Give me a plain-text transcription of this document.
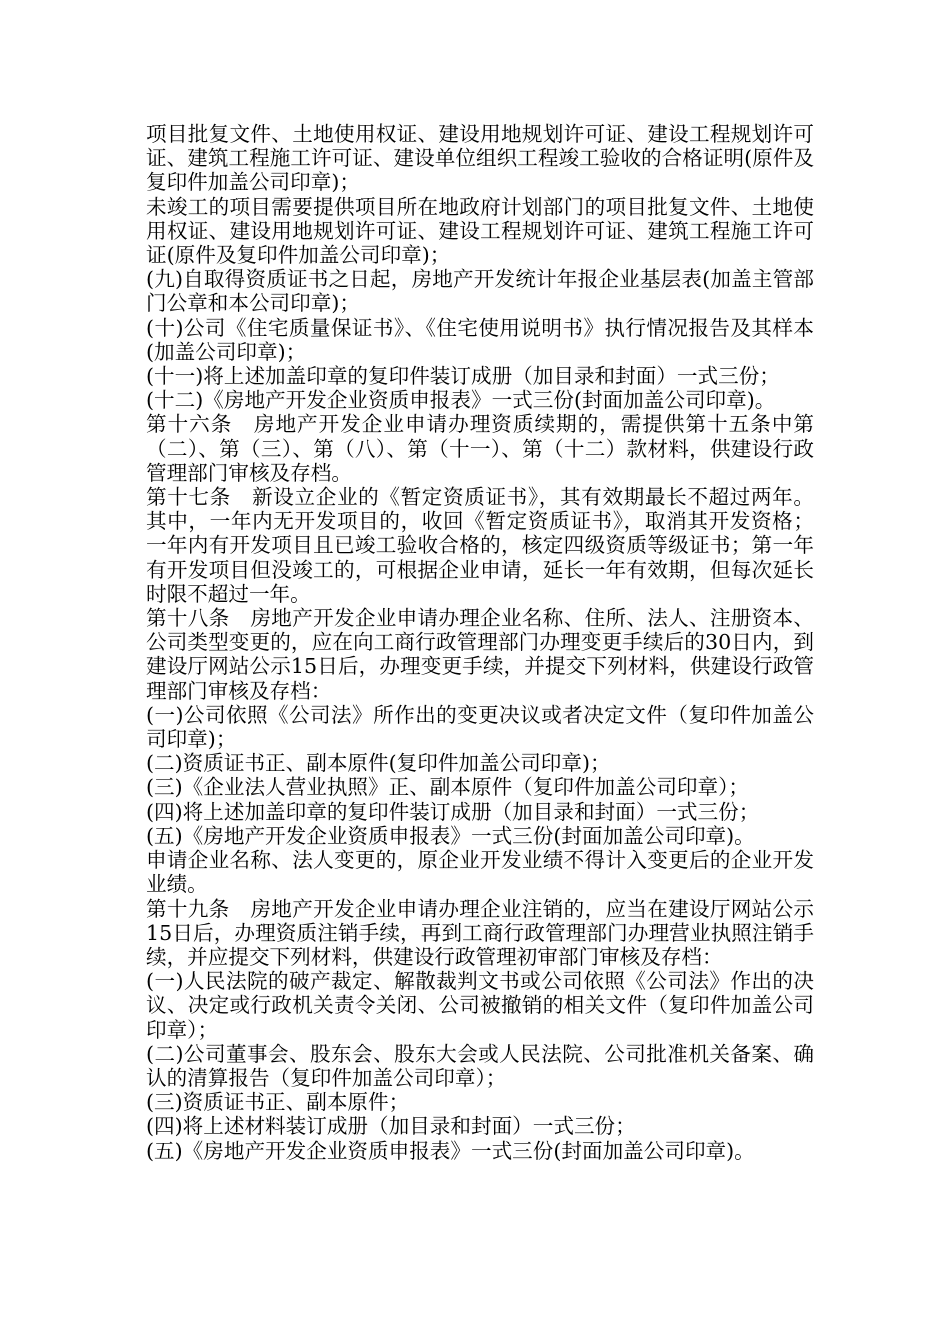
项目批复文件、土地使用权证、建设用地规划许可证、建设工程规划许可证、建筑工程施工许可证、建设单位组织工程竣工验收的合格证明(原件及复印件加盖公司印章)；

未竣工的项目需要提供项目所在地政府计划部门的项目批复文件、土地使用权证、建设用地规划许可证、建设工程规划许可证、建筑工程施工许可证(原件及复印件加盖公司印章)；

(九)自取得资质证书之日起，房地产开发统计年报企业基层表(加盖主管部门公章和本公司印章)；

(十)公司《住宅质量保证书》、《住宅使用说明书》执行情况报告及其样本(加盖公司印章)；

(十一)将上述加盖印章的复印件装订成册（加目录和封面）一式三份；

(十二)《房地产开发企业资质申报表》一式三份(封面加盖公司印章)。

第十六条　房地产开发企业申请办理资质续期的，需提供第十五条中第（二）、第（三）、第（八）、第（十一）、第（十二）款材料，供建设行政管理部门审核及存档。

第十七条　新设立企业的《暂定资质证书》，其有效期最长不超过两年。其中，一年内无开发项目的，收回《暂定资质证书》，取消其开发资格；一年内有开发项目且已竣工验收合格的，核定四级资质等级证书；第一年有开发项目但没竣工的，可根据企业申请，延长一年有效期，但每次延长时限不超过一年。

第十八条　房地产开发企业申请办理企业名称、住所、法人、注册资本、公司类型变更的，应在向工商行政管理部门办理变更手续后的30日内，到建设厅网站公示15日后，办理变更手续，并提交下列材料，供建设行政管理部门审核及存档：

(一)公司依照《公司法》所作出的变更决议或者决定文件（复印件加盖公司印章)；

(二)资质证书正、副本原件(复印件加盖公司印章)；

(三)《企业法人营业执照》正、副本原件（复印件加盖公司印章）；

(四)将上述加盖印章的复印件装订成册（加目录和封面）一式三份；

(五)《房地产开发企业资质申报表》一式三份(封面加盖公司印章)。

申请企业名称、法人变更的，原企业开发业绩不得计入变更后的企业开发业绩。

第十九条　房地产开发企业申请办理企业注销的，应当在建设厅网站公示15日后，办理资质注销手续，再到工商行政管理部门办理营业执照注销手续，并应提交下列材料，供建设行政管理初审部门审核及存档：

(一)人民法院的破产裁定、解散裁判文书或公司依照《公司法》作出的决议、决定或行政机关责令关闭、公司被撤销的相关文件（复印件加盖公司印章）；

(二)公司董事会、股东会、股东大会或人民法院、公司批准机关备案、确认的清算报告（复印件加盖公司印章）；

(三)资质证书正、副本原件；

(四)将上述材料装订成册（加目录和封面）一式三份；

(五)《房地产开发企业资质申报表》一式三份(封面加盖公司印章)。
